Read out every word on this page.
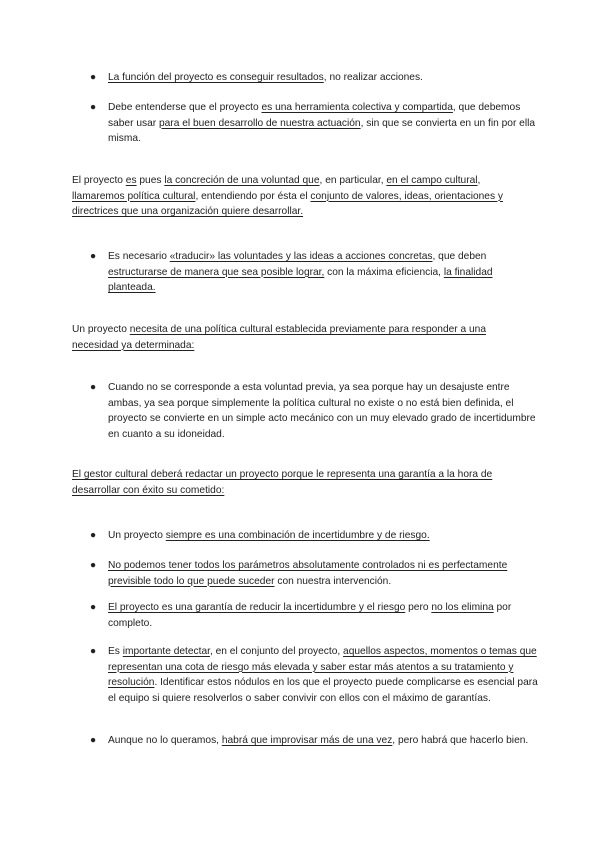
●	La función del proyecto es conseguir resultados, no realizar acciones.
●	Debe entenderse que el proyecto es una herramienta colectiva y compartida, que debemos saber usar para el buen desarrollo de nuestra actuación, sin que se convierta en un fin por ella misma.
El proyecto es pues la concreción de una voluntad que, en particular, en el campo cultural, llamaremos política cultural, entendiendo por ésta el conjunto de valores, ideas, orientaciones y directrices que una organización quiere desarrollar.
●	Es necesario «traducir» las voluntades y las ideas a acciones concretas, que deben estructurarse de manera que sea posible lograr, con la máxima eficiencia, la finalidad planteada.
Un proyecto necesita de una política cultural establecida previamente para responder a una necesidad ya determinada:
●	Cuando no se corresponde a esta voluntad previa, ya sea porque hay un desajuste entre ambas, ya sea porque simplemente la política cultural no existe o no está bien definida, el proyecto se convierte en un simple acto mecánico con un muy elevado grado de incertidumbre en cuanto a su idoneidad.
El gestor cultural deberá redactar un proyecto porque le representa una garantía a la hora de desarrollar con éxito su cometido:
●	Un proyecto siempre es una combinación de incertidumbre y de riesgo.
●	No podemos tener todos los parámetros absolutamente controlados ni es perfectamente previsible todo lo que puede suceder con nuestra intervención.
●	El proyecto es una garantía de reducir la incertidumbre y el riesgo pero no los elimina por completo.
●	Es importante detectar, en el conjunto del proyecto, aquellos aspectos, momentos o temas que representan una cota de riesgo más elevada y saber estar más atentos a su tratamiento y resolución. Identificar estos nódulos en los que el proyecto puede complicarse es esencial para el equipo si quiere resolverlos o saber convivir con ellos con el máximo de garantías.
●	Aunque no lo queramos, habrá que improvisar más de una vez, pero habrá que hacerlo bien.
